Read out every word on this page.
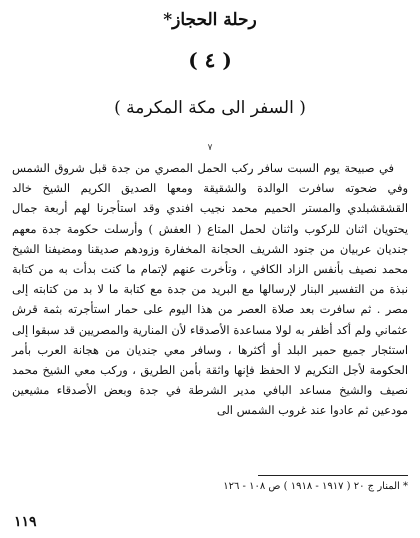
رحلة الحجاز*
( ٤ )
( السفر الى مكة المكرمة )
٧

في صبيحة يوم السبت سافر ركب الحمل المصري من جدة قبل شروق الشمس وفي ضحوته سافرت الوالدة والشقيقة ومعها الصديق الكريم الشيخ خالد القشقشبلدي والمستر الحميم محمد نجيب افندي وقد استأجرنا لهم أربعة جمال يحتويان اثنان للركوب واثنان لحمل المتاع ( العفش ) وأرسلت حكومة جدة معهم جنديان عربيان من جنود الشريف الحجانة المخفارة وزودهم صديقنا ومضيفنا الشيخ محمد نصيف بأنفس الزاد الكافي ، وتأخرت عنهم لإتمام ما كنت بدأت به من كتابة نبذة من التفسير البنار لإرسالها مع البريد من جدة مع كتابة ما لا بد من كتابته إلى مصر . ثم سافرت بعد صلاة العصر من هذا اليوم على حمار استأجرته بثمة قرش عثماني ولم أكد أظفر به لولا مساعدة الأصدقاء لأن المنارية والمصريين قد سبقوا إلى استئجار جميع حمير البلد أو أكثرها ، وسافر معي جنديان من هجانة العرب بأمر الحكومة لأجل التكريم لا الحفظ فإنها واثقة بأمن الطريق ، وركب معي الشيخ محمد نصيف والشيخ مساعد البافي مدير الشرطة في جدة وبعض الأصدقاء مشيعين مودعين ثم عادوا عند غروب الشمس الى

* المنار ج ٢٠ ( ١٩١٧ - ١٩١٨ ) ص ١٠٨ - ١٢٦
١١٩
